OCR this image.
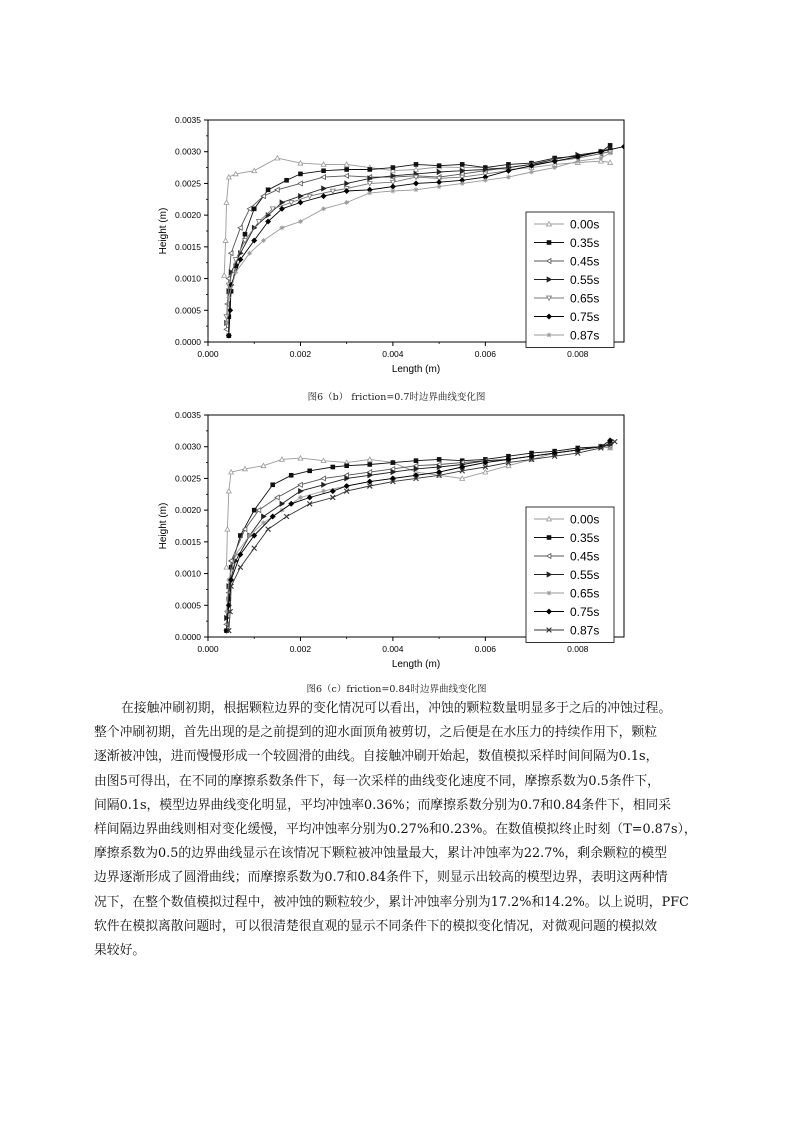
0.000	0.002	0.004	0.006	0.008
0.0000
0.0005
0.0010
0.0015
0.0020
0.0025
0.0030
0.0035
Length (m)
Height (m)	0.00s
0.35s
0.45s
0.55s
0.65s
0.75s
0.87s
图6（b） friction=0.7时边界曲线变化图
0.000	0.002	0.004	0.006	0.008
0.0000
0.0005
0.0010
0.0015
0.0020
0.0025
0.0030
0.0035
Length (m)
Height (m)	0.00s
0.35s
0.45s
0.55s
0.65s
0.75s
0.87s
图6（c）friction=0.84时边界曲线变化图
在接触冲刷初期，根据颗粒边界的变化情况可以看出，冲蚀的颗粒数量明显多于之后的冲蚀过程。
整个冲刷初期，首先出现的是之前提到的迎水面顶角被剪切，之后便是在水压力的持续作用下，颗粒
逐渐被冲蚀，进而慢慢形成一个较圆滑的曲线。自接触冲刷开始起，数值模拟采样时间间隔为0.1s，
由图5可得出，在不同的摩擦系数条件下，每一次采样的曲线变化速度不同，摩擦系数为0.5条件下，
间隔0.1s，模型边界曲线变化明显，平均冲蚀率0.36%；而摩擦系数分别为0.7和0.84条件下，相同采
样间隔边界曲线则相对变化缓慢，平均冲蚀率分别为0.27%和0.23%。在数值模拟终止时刻（T=0.87s），
摩擦系数为0.5的边界曲线显示在该情况下颗粒被冲蚀量最大，累计冲蚀率为22.7%，剩余颗粒的模型
边界逐渐形成了圆滑曲线；而摩擦系数为0.7和0.84条件下，则显示出较高的模型边界，表明这两种情
况下，在整个数值模拟过程中，被冲蚀的颗粒较少，累计冲蚀率分别为17.2%和14.2%。以上说明，PFC
软件在模拟离散问题时，可以很清楚很直观的显示不同条件下的模拟变化情况，对微观问题的模拟效
果较好。
